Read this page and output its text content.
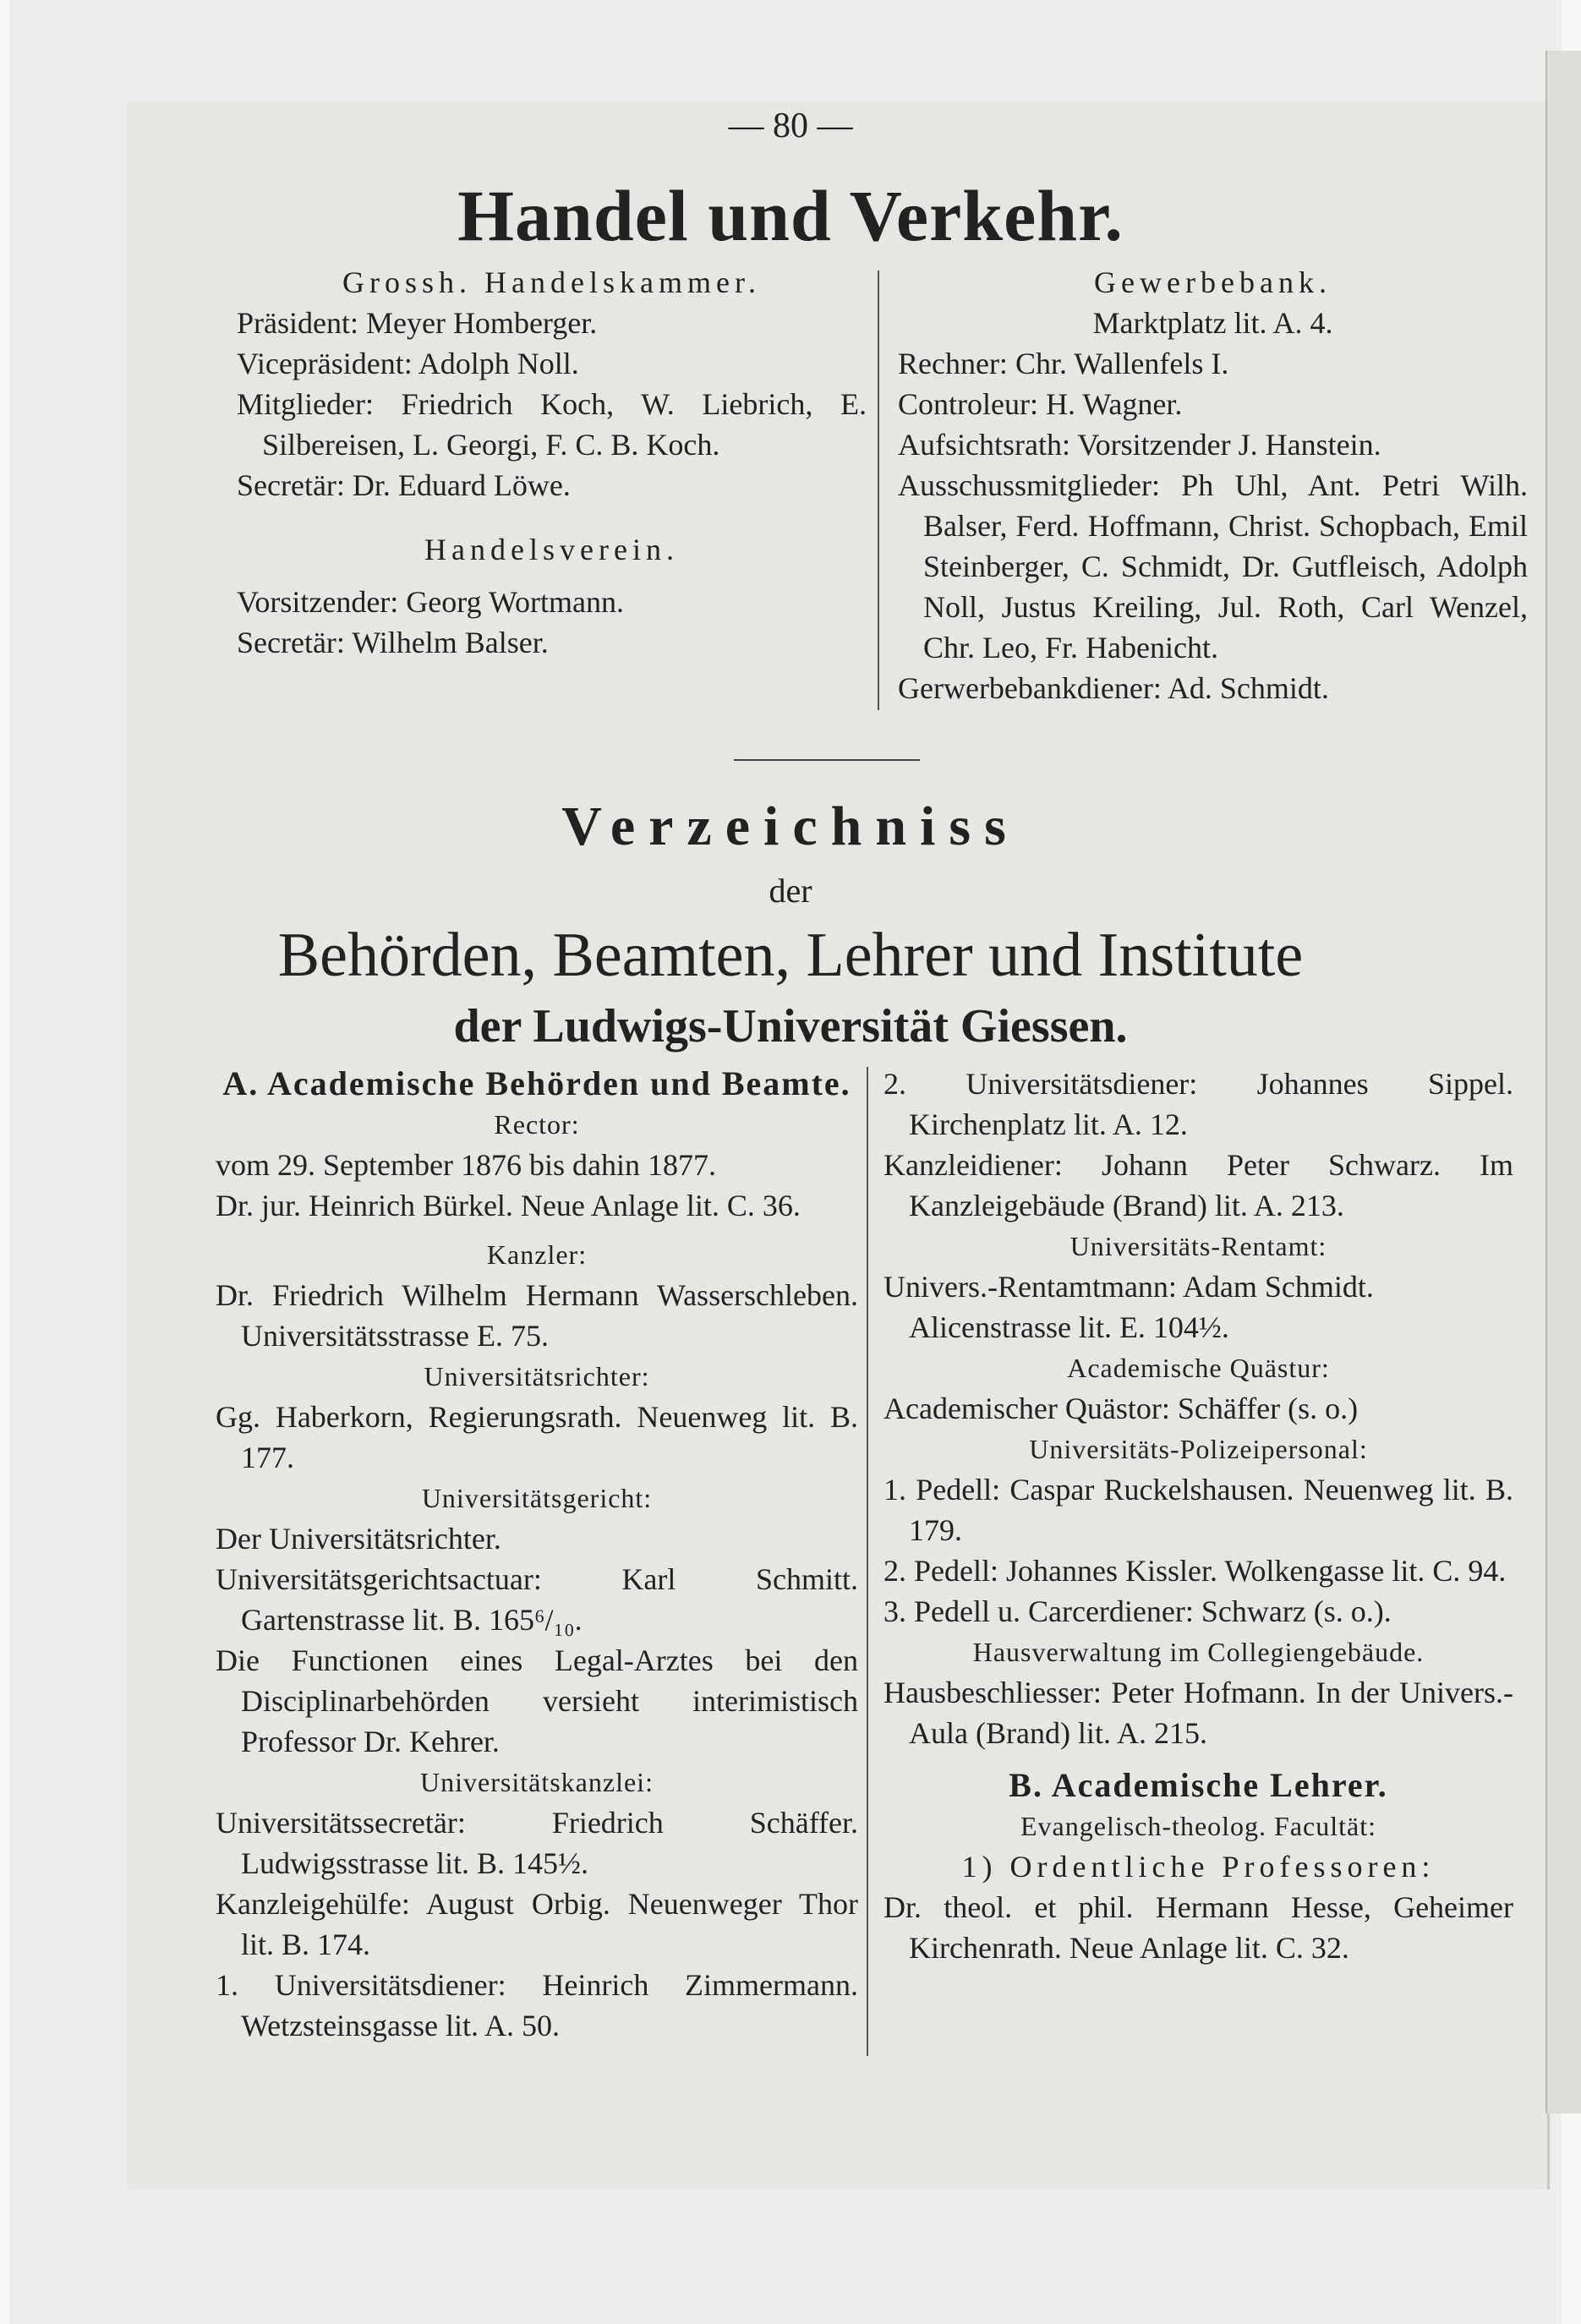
— 80 —
Handel und Verkehr.

Grossh. Handelskammer.

Präsident: Meyer Homberger.

Vicepräsident: Adolph Noll.

Mitglieder: Friedrich Koch, W. Liebrich, E. Silbereisen, L. Georgi, F. C. B. Koch.

Secretär: Dr. Eduard Löwe.

Handelsverein.

Vorsitzender: Georg Wortmann.

Secretär: Wilhelm Balser.

Gewerbebank.

Marktplatz lit. A. 4.

Rechner: Chr. Wallenfels I.

Controleur: H. Wagner.

Aufsichtsrath: Vorsitzender J. Hanstein.

Ausschussmitglieder: Ph Uhl, Ant. Petri Wilh. Balser, Ferd. Hoffmann, Christ. Schopbach, Emil Steinberger, C. Schmidt, Dr. Gutfleisch, Adolph Noll, Justus Kreiling, Jul. Roth, Carl Wenzel, Chr. Leo, Fr. Habenicht.

Gerwerbebankdiener: Ad. Schmidt.

Verzeichniss
der
Behörden, Beamten, Lehrer und Institute
der Ludwigs-Universität Giessen.

A. Academische Behörden und Beamte.

Rector:

vom 29. September 1876 bis dahin 1877.

Dr. jur. Heinrich Bürkel. Neue Anlage lit. C. 36.

Kanzler:

Dr. Friedrich Wilhelm Hermann Wasserschleben. Universitätsstrasse E. 75.

Universitätsrichter:

Gg. Haberkorn, Regierungsrath. Neuenweg lit. B. 177.

Universitätsgericht:

Der Universitätsrichter.

Universitätsgerichtsactuar: Karl Schmitt. Gartenstrasse lit. B. 165⁶/₁₀.

Die Functionen eines Legal-Arztes bei den Disciplinarbehörden versieht interimistisch Professor Dr. Kehrer.

Universitätskanzlei:

Universitätssecretär: Friedrich Schäffer. Ludwigsstrasse lit. B. 145½.

Kanzleigehülfe: August Orbig. Neuenweger Thor lit. B. 174.

1. Universitätsdiener: Heinrich Zimmermann. Wetzsteinsgasse lit. A. 50.

2. Universitätsdiener: Johannes Sippel. Kirchenplatz lit. A. 12.

Kanzleidiener: Johann Peter Schwarz. Im Kanzleigebäude (Brand) lit. A. 213.

Universitäts-Rentamt:

Univers.-Rentamtmann: Adam Schmidt. Alicenstrasse lit. E. 104½.

Academische Quästur:

Academischer Quästor: Schäffer (s. o.)

Universitäts-Polizeipersonal:

1. Pedell: Caspar Ruckelshausen. Neuenweg lit. B. 179.

2. Pedell: Johannes Kissler. Wolkengasse lit. C. 94.

3. Pedell u. Carcerdiener: Schwarz (s. o.).

Hausverwaltung im Collegiengebäude.

Hausbeschliesser: Peter Hofmann. In der Univers.-Aula (Brand) lit. A. 215.

B. Academische Lehrer.

Evangelisch-theolog. Facultät:

1) Ordentliche Professoren:

Dr. theol. et phil. Hermann Hesse, Geheimer Kirchenrath. Neue Anlage lit. C. 32.
